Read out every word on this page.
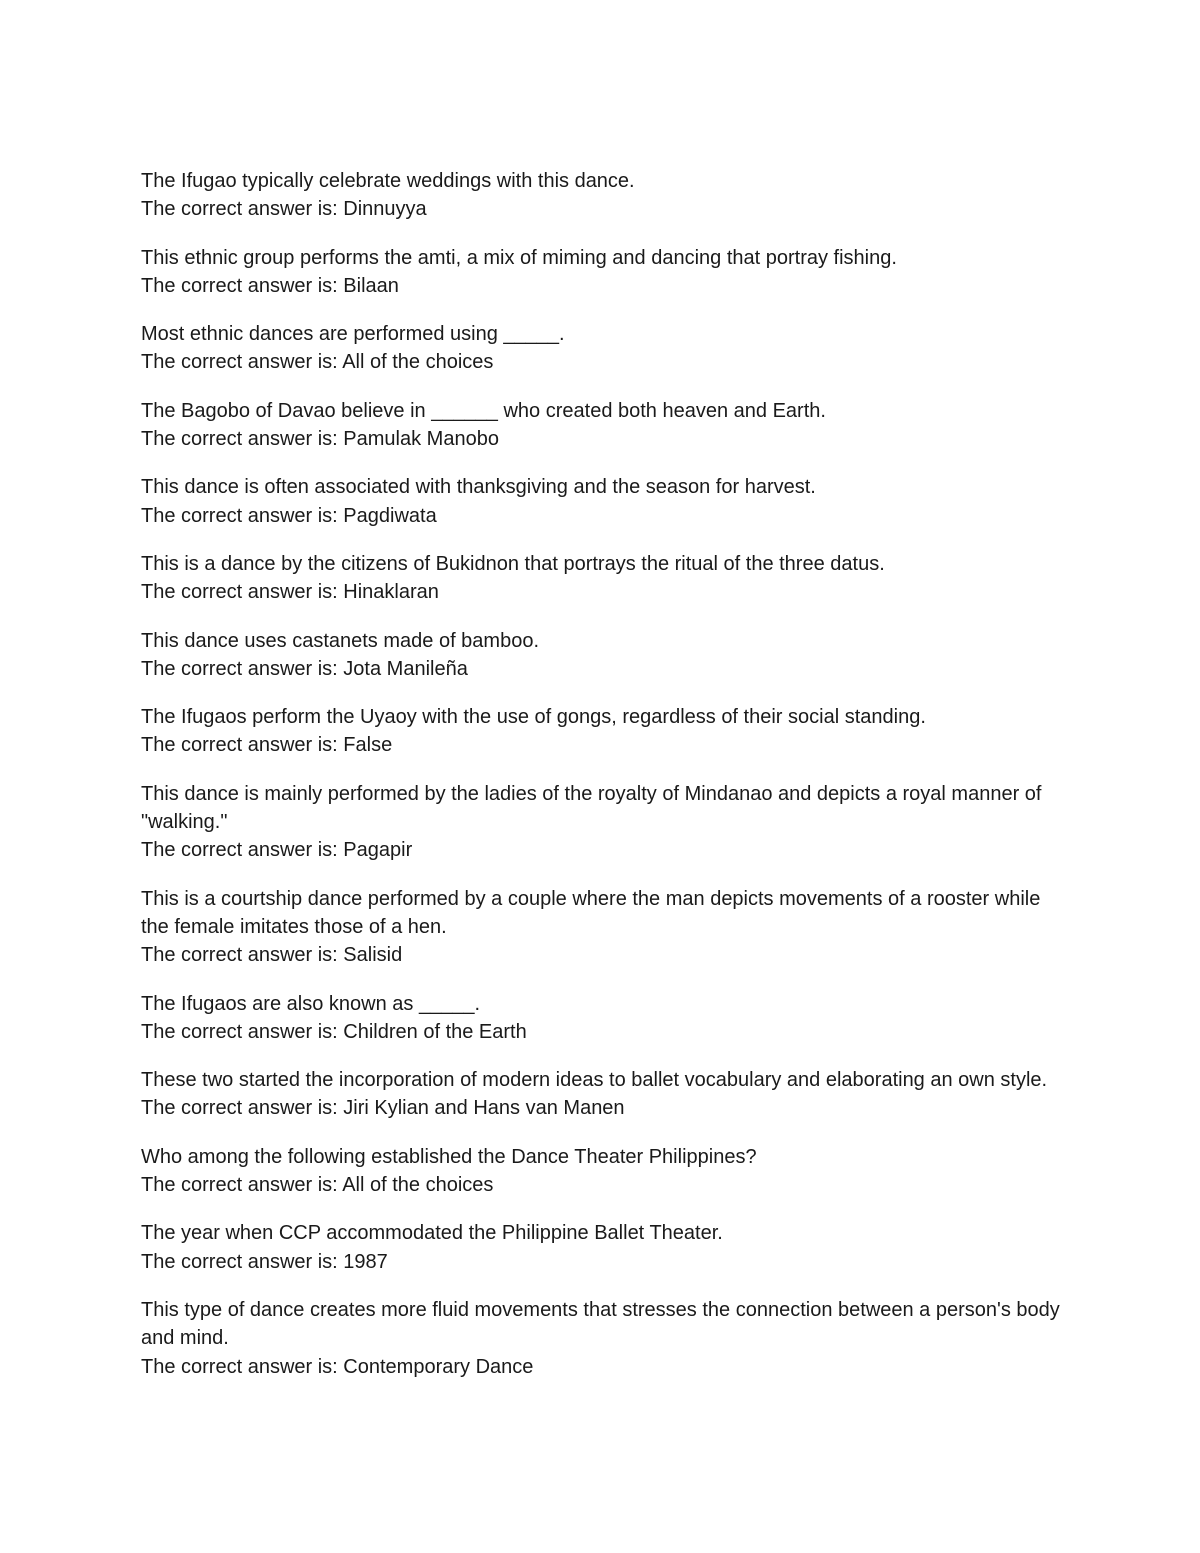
The Ifugao typically celebrate weddings with this dance.
The correct answer is: Dinnuyya
This ethnic group performs the amti, a mix of miming and dancing that portray fishing.
The correct answer is: Bilaan
Most ethnic dances are performed using _____.
The correct answer is: All of the choices
The Bagobo of Davao believe in ______ who created both heaven and Earth.
The correct answer is: Pamulak Manobo
This dance is often associated with thanksgiving and the season for harvest.
The correct answer is: Pagdiwata
This is a dance by the citizens of Bukidnon that portrays the ritual of the three datus.
The correct answer is: Hinaklaran
This dance uses castanets made of bamboo.
The correct answer is: Jota Manileña
The Ifugaos perform the Uyaoy with the use of gongs, regardless of their social standing.
The correct answer is: False
This dance is mainly performed by the ladies of the royalty of Mindanao and depicts a royal manner of "walking."
The correct answer is: Pagapir
This is a courtship dance performed by a couple where the man depicts movements of a rooster while the female imitates those of a hen.
The correct answer is: Salisid
The Ifugaos are also known as _____.
The correct answer is: Children of the Earth
These two started the incorporation of modern ideas to ballet vocabulary and elaborating an own style.
The correct answer is: Jiri Kylian and Hans van Manen
Who among the following established the Dance Theater Philippines?
The correct answer is: All of the choices
The year when CCP accommodated the Philippine Ballet Theater.
The correct answer is: 1987
This type of dance creates more fluid movements that stresses the connection between a person's body and mind.
The correct answer is: Contemporary Dance
